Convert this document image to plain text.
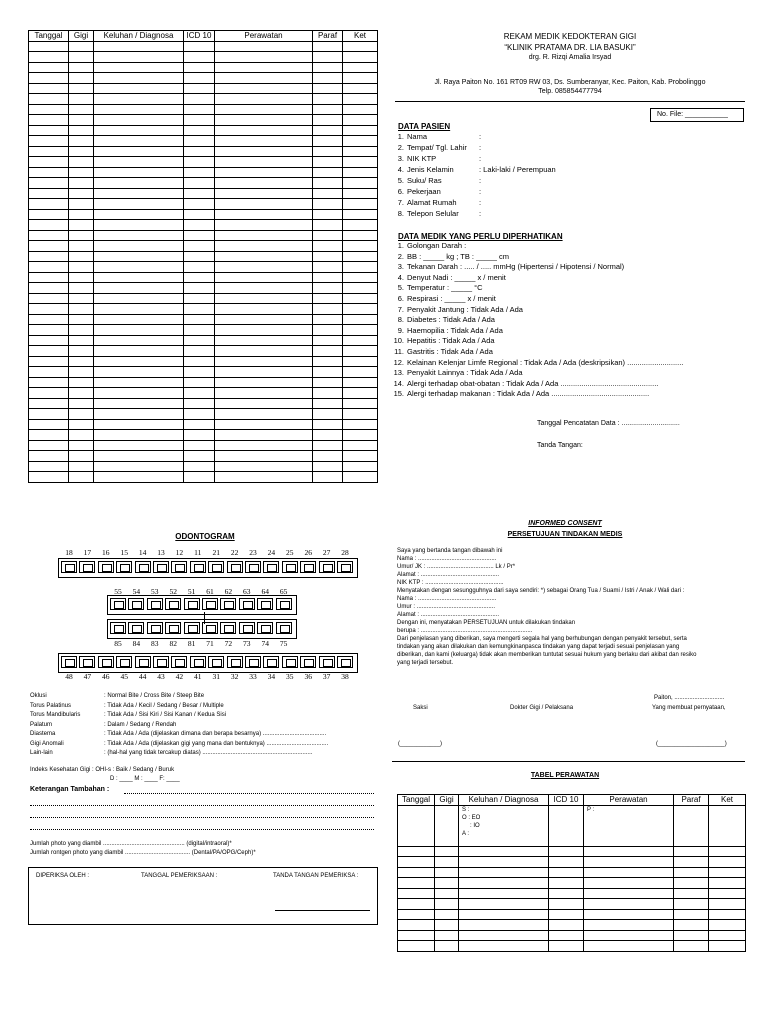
Tanggal	Gigi	Keluhan / Diagnosa	ICD 10	Perawatan	Paraf	Ket

							REKAM MEDIK KEDOKTERAN GIGI
“KLINIK PRATAMA DR. LIA BASUKI”
drg. R. Rizqi Amalia Irsyad
Jl. Raya Paiton No. 161 RT09 RW 03, Ds. Sumberanyar, Kec. Paiton, Kab. Probolinggo
Telp. 085854477794
No. File: ___________
DATA PASIEN
1. Nama	:
2. Tempat/ Tgl. Lahir	:
3. NIK KTP	:
4. Jenis Kelamin	: Laki-laki / Perempuan
5. Suku/ Ras	:
6. Pekerjaan	:
7. Alamat Rumah	:
8. Telepon Selular	:
DATA MEDIK YANG PERLU DIPERHATIKAN
1. Golongan Darah :
2. BB : _____ kg ; TB : _____ cm
3. Tekanan Darah : ..... / ..... mmHg (Hipertensi / Hipotensi / Normal)
4. Denyut Nadi : _____ x / menit
5. Temperatur : _____ °C
6. Respirasi : _____ x / menit
7. Penyakit Jantung : Tidak Ada / Ada
8. Diabetes : Tidak Ada / Ada
9. Haemopilia : Tidak Ada / Ada
10. Hepatitis : Tidak Ada / Ada
11. Gastritis : Tidak Ada / Ada
12. Kelainan Kelenjar Limfe Regional : Tidak Ada / Ada (deskripsikan) ...........................
13. Penyakit Lainnya : Tidak Ada / Ada
14. Alergi terhadap obat-obatan : Tidak Ada / Ada ...............................................
15. Alergi terhadap makanan : Tidak Ada / Ada ...............................................
Tanggal Pencatatan Data : ..............................
Tanda Tangan:
ODONTOGRAM
18	17	16	15	14	13	12	11	21	22	23	24	25	26	27	28
55	54	53	52	51	61	62	63	64	65
85	84	83	82	81	71	72	73	74	75
48	47	46	45	44	43	42	41	31	32	33	34	35	36	37	38
Oklusi	: Normal Bite / Cross Bite / Steep Bite
Torus Palatinus	: Tidak Ada / Kecil / Sedang / Besar / Multiple
Torus Mandibularis	: Tidak Ada / Sisi Kiri / Sisi Kanan / Kedua Sisi
Palatum	: Dalam / Sedang / Rendah
Diastema	: Tidak Ada / Ada (dijelaskan dimana dan berapa besarnya) ......................................
Gigi Anomali	: Tidak Ada / Ada (dijelaskan gigi yang mana dan bentuknya) .....................................
Lain-lain	: (hal-hal yang tidak tercakup diatas) ..................................................................
Indeks Kesehatan Gigi : OHI-s : Baik / Sedang / Buruk
D : ____ M : ____ F: ____
Keterangan Tambahan :
Jumlah photo yang diambil ................................................. (digital/intraoral)*
Jumlah rontgen photo yang diambil ....................................... (Dental/PA/OPG/Ceph)*
DIPERIKSA OLEH :	TANGGAL PEMERIKSAAN :	TANDA TANGAN PEMERIKSA :
INFORMED CONSENT
PERSETUJUAN TINDAKAN MEDIS
Saya yang bertanda tangan dibawah ini
Nama : ...............................................
Umur/ JK : ........................................ Lk / Pr*
Alamat : ...............................................
NIK KTP : ...............................................
Menyatakan dengan sesungguhnya dari saya sendiri: *) sebagai Orang Tua / Suami / Istri / Anak / Wali dari :
Nama : ...............................................
Umur : ...............................................
Alamat : ...............................................
Dengan ini, menyatakan PERSETUJUAN untuk dilakukan tindakan
berupa : ...................................................................
Dari penjelasan yang diberikan, saya mengerti segala hal yang berhubungan dengan penyakit tersebut, serta
tindakan yang akan dilakukan dan kemungkinanpasca tindakan yang dapat terjadi sesuai penjelasan yang
diberikan, dan kami (keluarga) tidak akan memberikan tuntutat sesuai hukum yang berlaku dari akibat dan resiko
yang terjadi tersebut.
Paiton, ..............................
Saksi	Dokter Gigi / Pelaksana	Yang membuat pernyataan,
(____________)	(____________________)
TABEL PERAWATAN
Tanggal	Gigi	Keluhan / Diagnosa	ICD 10	Perawatan	Paraf	Ket

		S :
O : EO
: IO
A :		P :		
